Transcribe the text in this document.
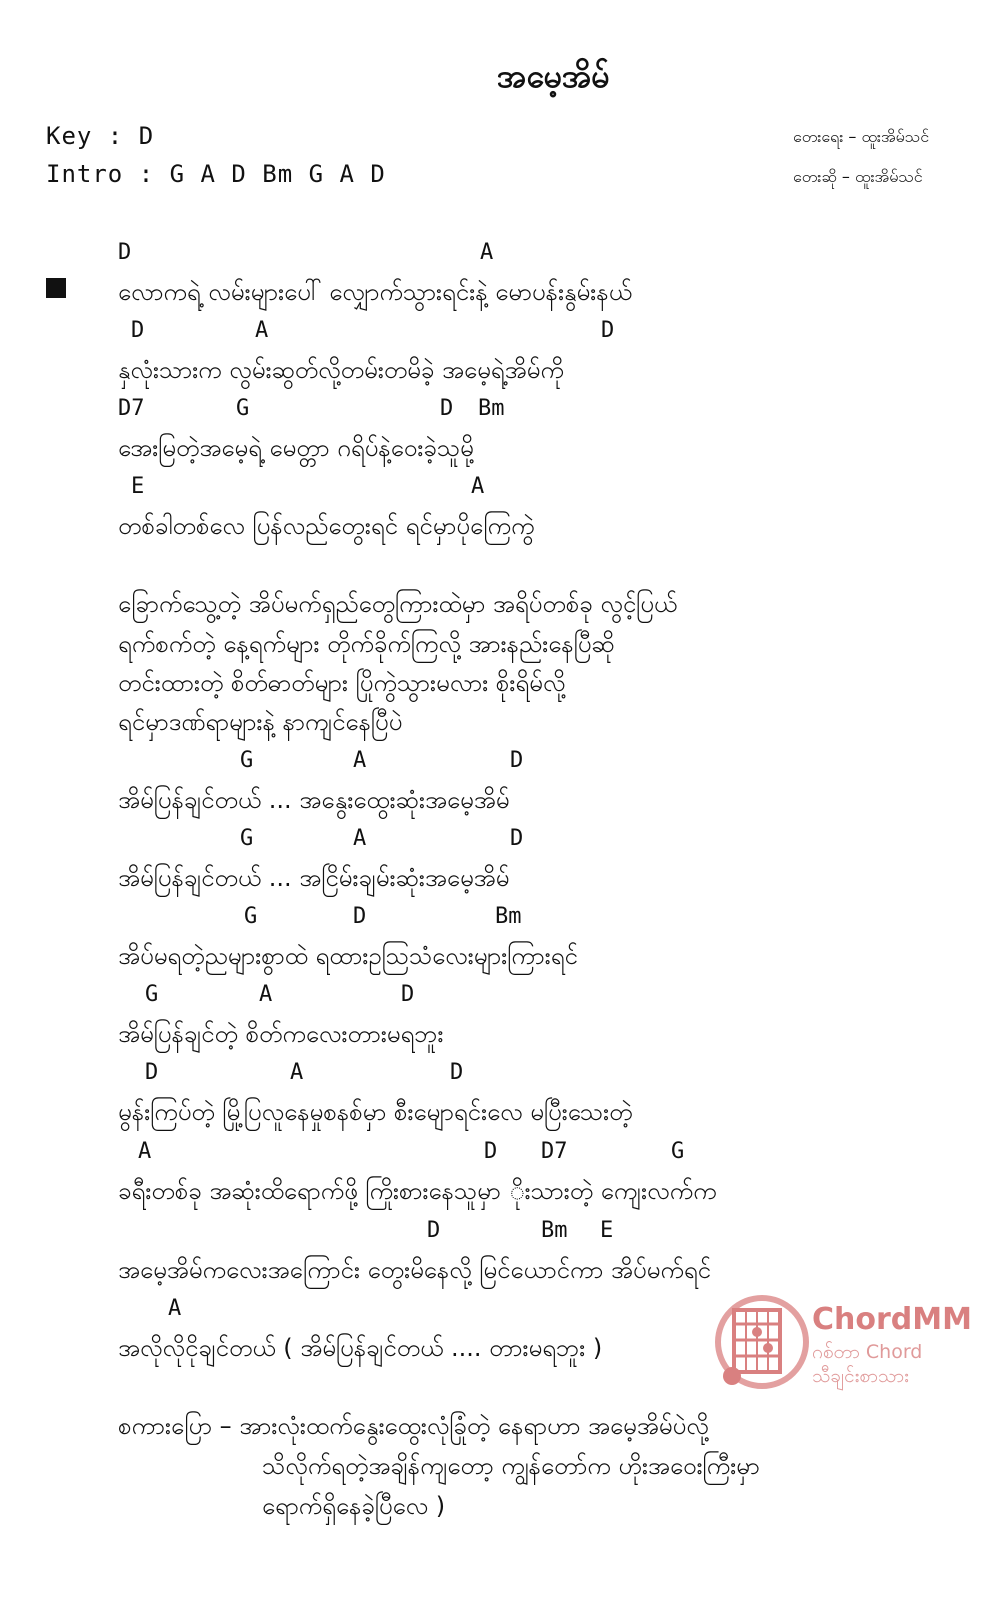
အမေ့အိမ်
Key : D
Intro : G A D Bm G A D
တေးရေး – ထူးအိမ်သင်
တေးဆို – ထူးအိမ်သင်
D	A
D	A	D
D7	G	D Bm
E	A
G	A	D
G	A	D
G	D	Bm
G	A	D
D	A	D
A	D D7	G
D	Bm E
A
လောကရဲ့ လမ်းများပေါ် လျှောက်သွားရင်းနဲ့ မောပန်းနွမ်းနယ်
နှလုံးသားက လွမ်းဆွတ်လို့တမ်းတမိခဲ့ အမေ့ရဲ့အိမ်ကို
အေးမြတဲ့အမေ့ရဲ့ မေတ္တာ ဂရိပ်နဲ့ဝေးခဲ့သူမို့
တစ်ခါတစ်လေ ပြန်လည်တွေးရင် ရင်မှာပိုကြေကွဲ
ခြောက်သွေ့တဲ့ အိပ်မက်ရှည်တွေကြားထဲမှာ အရိပ်တစ်ခု လွင့်ပြယ်
ရက်စက်တဲ့ နေ့ရက်များ တိုက်ခိုက်ကြလို့ အားနည်းနေပြီဆို
တင်းထားတဲ့ စိတ်ဓာတ်များ ပြိုကွဲသွားမလား စိုးရိမ်လို့
ရင်မှာဒဏ်ရာများနဲ့ နာကျင်နေပြီပဲ
အိမ်ပြန်ချင်တယ် ... အနွေးထွေးဆုံးအမေ့အိမ်
အိမ်ပြန်ချင်တယ် ... အငြိမ်းချမ်းဆုံးအမေ့အိမ်
အိပ်မရတဲ့ညများစွာထဲ ရထားဥသြသံလေးများကြားရင်
အိမ်ပြန်ချင်တဲ့ စိတ်ကလေးတားမရဘူး
မွန်းကြပ်တဲ့ မြို့ပြလူနေမှုစနစ်မှာ စီးမျောရင်းလေ မပြီးသေးတဲ့
ခရီးတစ်ခု အဆုံးထိရောက်ဖို့ ကြိုးစားနေသူမှာ ိုးသားတဲ့ ကျေးလက်က
အမေ့အိမ်ကလေးအကြောင်း တွေးမိနေလို့ မြင်ယောင်ကာ အိပ်မက်ရင်
အလိုလိုငိုချင်တယ် ( အိမ်ပြန်ချင်တယ် .... တားမရဘူး )
စကားပြော – အားလုံးထက်နွေးထွေးလုံခြုံတဲ့ နေရာဟာ အမေ့အိမ်ပဲလို့
သိလိုက်ရတဲ့အချိန်ကျတော့ ကျွန်တော်က ဟိုးအဝေးကြီးမှာ
ရောက်ရှိနေခဲ့ပြီလေ )
ChordMM
ဂစ်တာ Chord
သီချင်းစာသား
